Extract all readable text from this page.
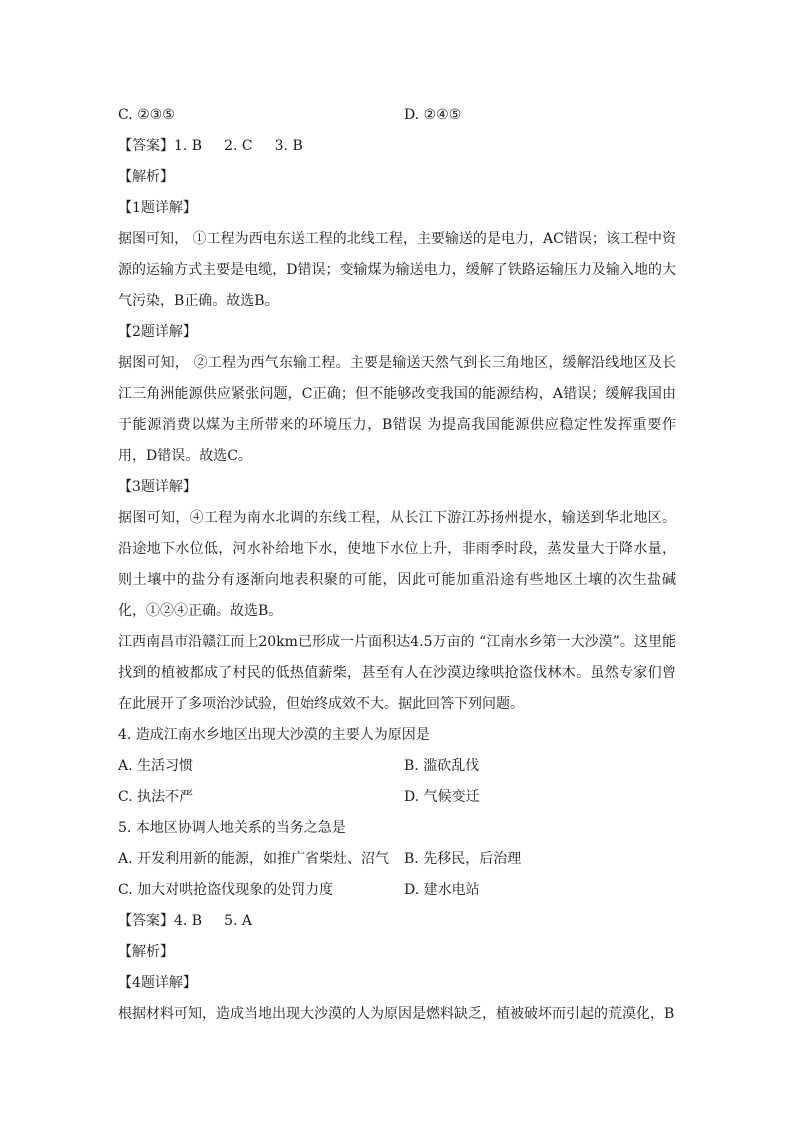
C. ②③⑤	D. ②④⑤
【答案】1. B 2. C 3. B
【解析】
【1题详解】
据图可知， ①工程为西电东送工程的北线工程，主要输送的是电力，AC错误；该工程中资源的运输方式主要是电缆，D错误；变输煤为输送电力，缓解了铁路运输压力及输入地的大气污染，B正确。故选B。
【2题详解】
据图可知， ②工程为西气东输工程。主要是输送天然气到长三角地区，缓解沿线地区及长江三角洲能源供应紧张问题，C正确；但不能够改变我国的能源结构，A错误；缓解我国由于能源消费以煤为主所带来的环境压力，B错误 为提高我国能源供应稳定性发挥重要作用，D错误。故选C。
【3题详解】
据图可知，④工程为南水北调的东线工程，从长江下游江苏扬州提水，输送到华北地区。沿途地下水位低，河水补给地下水，使地下水位上升，非雨季时段，蒸发量大于降水量，则土壤中的盐分有逐渐向地表积聚的可能，因此可能加重沿途有些地区土壤的次生盐碱化，①②④正确。故选B。
江西南昌市沿赣江而上20km已形成一片面积达4.5万亩的 “江南水乡第一大沙漠”。这里能找到的植被都成了村民的低热值薪柴，甚至有人在沙漠边缘哄抢盗伐林木。虽然专家们曾在此展开了多项治沙试验，但始终成效不大。据此回答下列问题。
4. 造成江南水乡地区出现大沙漠的主要人为原因是
A. 生活习惯	B. 滥砍乱伐
C. 执法不严	D. 气候变迁
5. 本地区协调人地关系的当务之急是
A. 开发利用新的能源，如推广省柴灶、沼气	B. 先移民，后治理
C. 加大对哄抢盗伐现象的处罚力度	D. 建水电站
【答案】4. B 5. A
【解析】
【4题详解】
根据材料可知，造成当地出现大沙漠的人为原因是燃料缺乏，植被破坏而引起的荒漠化，B
